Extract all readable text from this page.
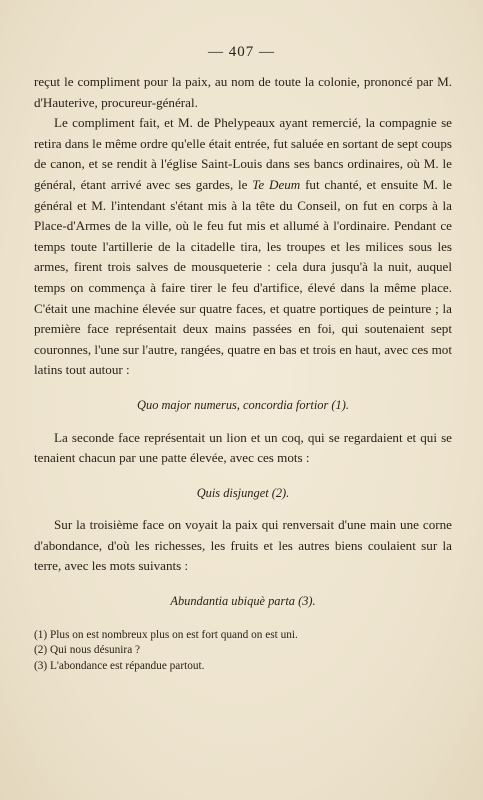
— 407 —

reçut le compliment pour la paix, au nom de toute la colonie, prononcé par M. d'Hauterive, procureur-général.

Le compliment fait, et M. de Phelypeaux ayant remercié, la compagnie se retira dans le même ordre qu'elle était entrée, fut saluée en sortant de sept coups de canon, et se rendit à l'église Saint-Louis dans ses bancs ordinaires, où M. le général, étant arrivé avec ses gardes, le Te Deum fut chanté, et ensuite M. le général et M. l'intendant s'étant mis à la tête du Conseil, on fut en corps à la Place-d'Armes de la ville, où le feu fut mis et allumé à l'ordinaire. Pendant ce temps toute l'artillerie de la citadelle tira, les troupes et les milices sous les armes, firent trois salves de mousqueterie : cela dura jusqu'à la nuit, auquel temps on commença à faire tirer le feu d'artifice, élevé dans la même place. C'était une machine élevée sur quatre faces, et quatre portiques de peinture ; la première face représentait deux mains passées en foi, qui soutenaient sept couronnes, l'une sur l'autre, rangées, quatre en bas et trois en haut, avec ces mot latins tout autour :

Quo major numerus, concordia fortior (1).

La seconde face représentait un lion et un coq, qui se regardaient et qui se tenaient chacun par une patte élevée, avec ces mots :

Quis disjunget (2).

Sur la troisième face on voyait la paix qui renversait d'une main une corne d'abondance, d'où les richesses, les fruits et les autres biens coulaient sur la terre, avec les mots suivants :

Abundantia ubiquè parta (3).

(1) Plus on est nombreux plus on est fort quand on est uni.
(2) Qui nous désunira ?
(3) L'abondance est répandue partout.
